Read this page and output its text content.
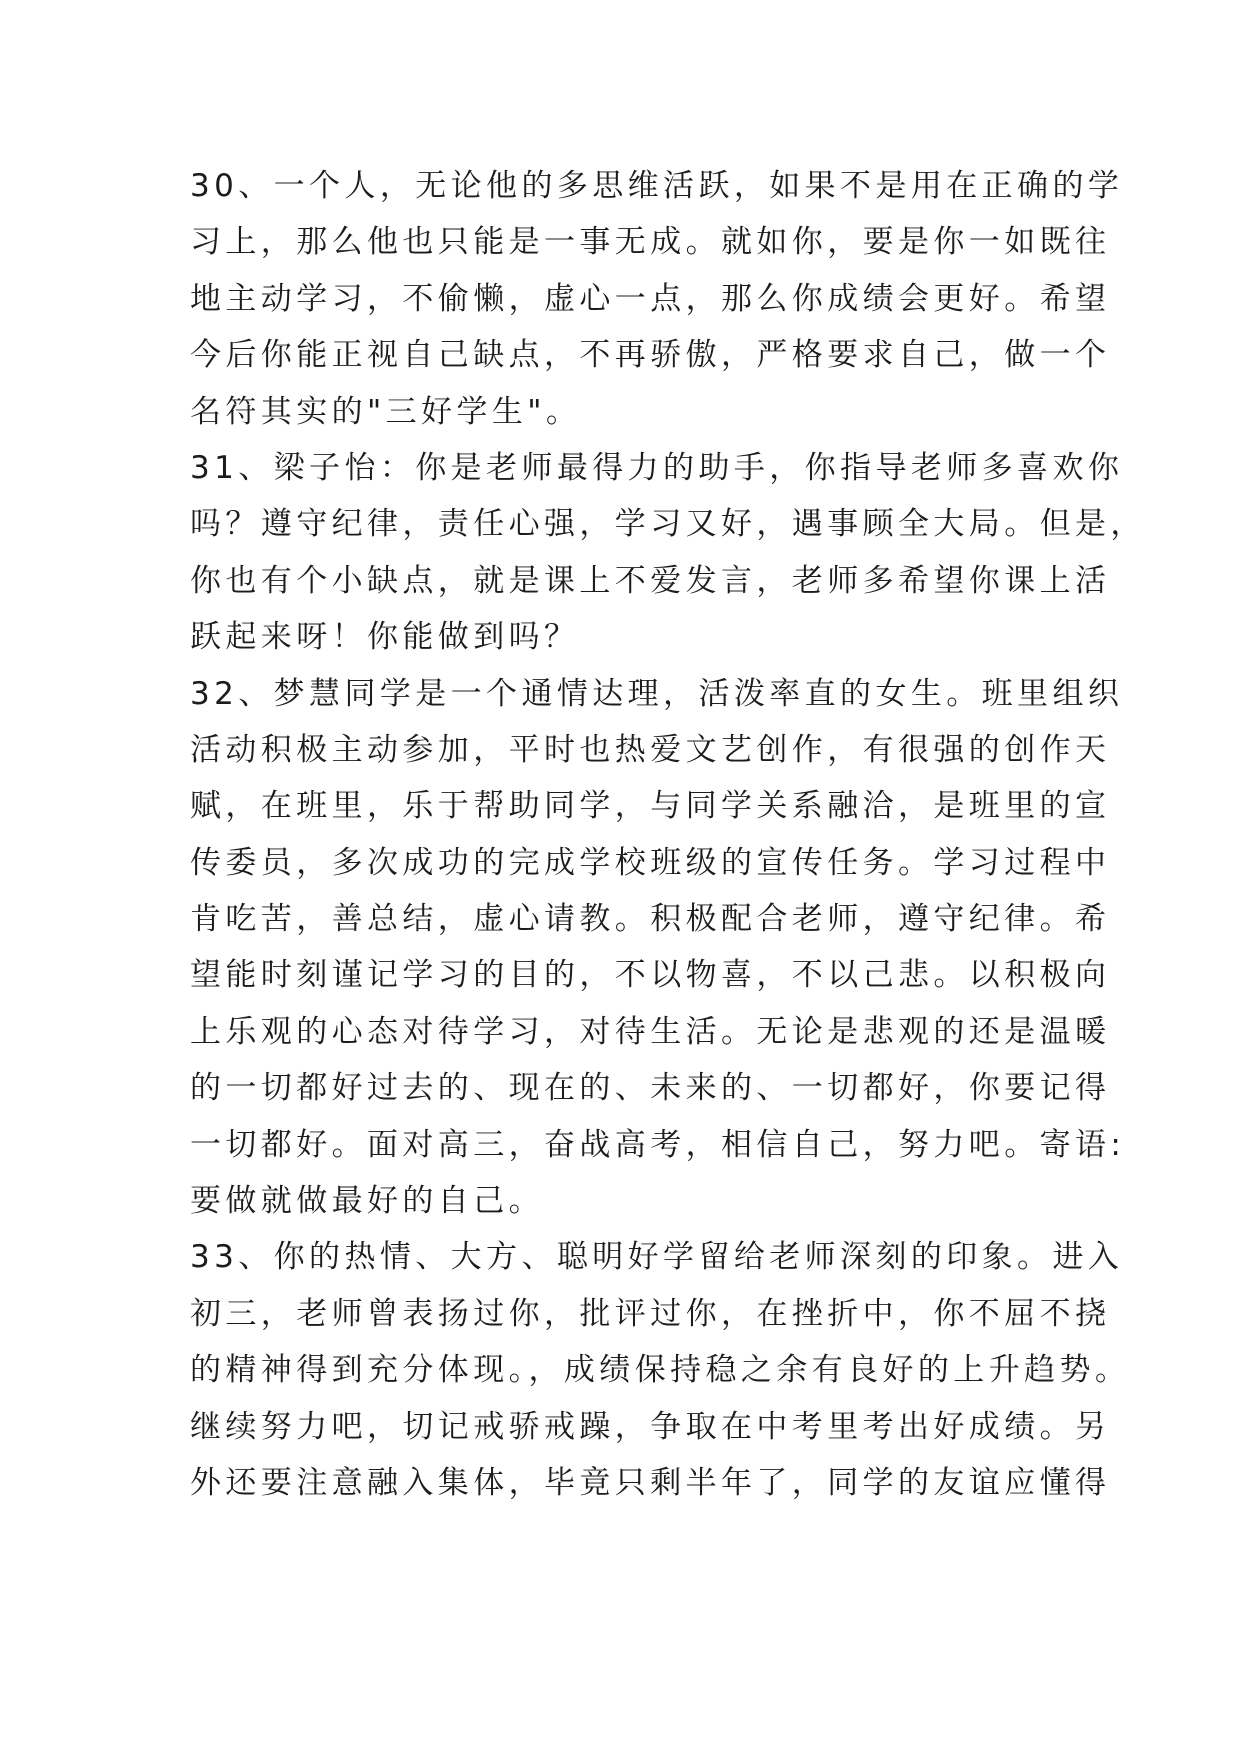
30、一个人，无论他的多思维活跃，如果不是用在正确的学
习上，那么他也只能是一事无成。就如你，要是你一如既往
地主动学习，不偷懒，虚心一点，那么你成绩会更好。希望
今后你能正视自己缺点，不再骄傲，严格要求自己，做一个
名符其实的"三好学生"。
31、梁子怡：你是老师最得力的助手，你指导老师多喜欢你
吗？遵守纪律，责任心强，学习又好，遇事顾全大局。但是，
你也有个小缺点，就是课上不爱发言，老师多希望你课上活
跃起来呀！你能做到吗？
32、梦慧同学是一个通情达理，活泼率直的女生。班里组织
活动积极主动参加，平时也热爱文艺创作，有很强的创作天
赋，在班里，乐于帮助同学，与同学关系融洽，是班里的宣
传委员，多次成功的完成学校班级的宣传任务。学习过程中
肯吃苦，善总结，虚心请教。积极配合老师，遵守纪律。希
望能时刻谨记学习的目的，不以物喜，不以己悲。以积极向
上乐观的心态对待学习，对待生活。无论是悲观的还是温暖
的一切都好过去的、现在的、未来的、一切都好，你要记得
一切都好。面对高三，奋战高考，相信自己，努力吧。寄语:
要做就做最好的自己。
33、你的热情、大方、聪明好学留给老师深刻的印象。进入
初三，老师曾表扬过你，批评过你，在挫折中，你不屈不挠
的精神得到充分体现。，成绩保持稳之余有良好的上升趋势。
继续努力吧，切记戒骄戒躁，争取在中考里考出好成绩。另
外还要注意融入集体，毕竟只剩半年了，同学的友谊应懂得
